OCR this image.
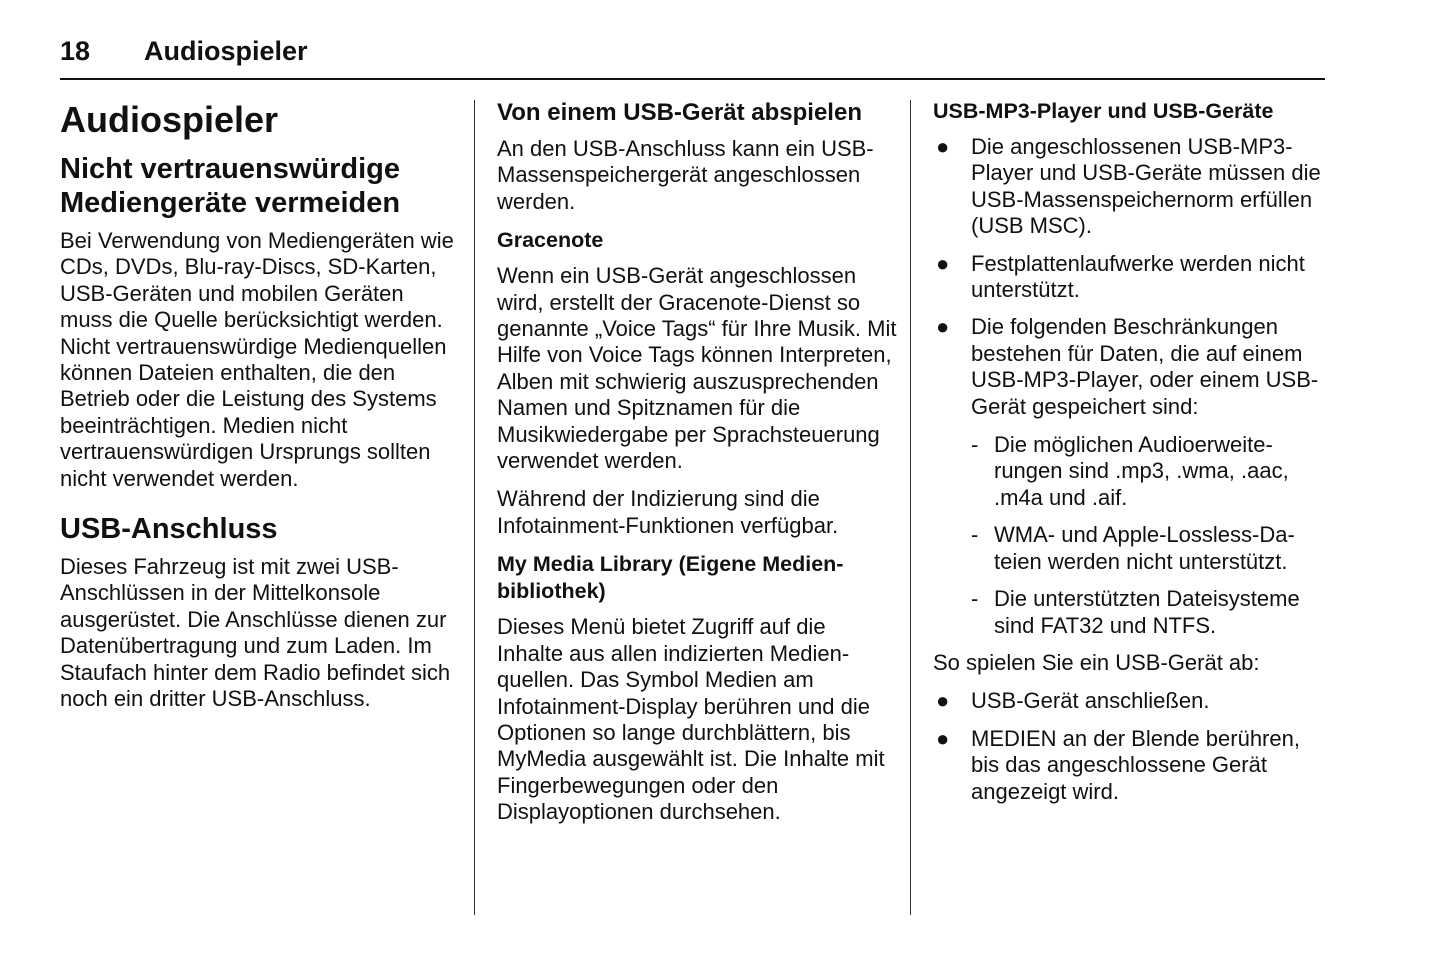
18 Audiospieler
Audiospieler
Nicht vertrauenswürdige Mediengeräte vermeiden

Bei Verwendung von Mediengeräten wie CDs, DVDs, Blu-ray-Discs, SD-Karten, USB-Geräten und mobilen Geräten muss die Quelle berücksichtigt werden. Nicht vertrauenswürdige Medienquellen können Dateien enthalten, die den Betrieb oder die Leistung des Systems beeinträchtigen. Medien nicht vertrauenswürdigen Ursprungs sollten nicht verwendet werden.

USB-Anschluss

Dieses Fahrzeug ist mit zwei USB-Anschlüssen in der Mittelkonsole ausgerüstet. Die Anschlüsse dienen zur Datenübertragung und zum Laden. Im Staufach hinter dem Radio befindet sich noch ein dritter USB-Anschluss.

Von einem USB-Gerät abspielen

An den USB-Anschluss kann ein USB-Massenspeichergerät angeschlossen werden.

Gracenote

Wenn ein USB-Gerät angeschlossen wird, erstellt der Gracenote-Dienst so genannte „Voice Tags“ für Ihre Musik. Mit Hilfe von Voice Tags können Interpreten, Alben mit schwierig auszusprechenden Namen und Spitznamen für die Musikwiedergabe per Sprachsteuerung verwendet werden.

Während der Indizierung sind die Infotainment-Funktionen verfügbar.

My Media Library (Eigene Medienbibliothek)

Dieses Menü bietet Zugriff auf die Inhalte aus allen indizierten Medienquellen. Das Symbol Medien am Infotainment-Display berühren und die Optionen so lange durchblättern, bis MyMedia ausgewählt ist. Die Inhalte mit Fingerbewegungen oder den Displayoptionen durchsehen.

USB-MP3-Player und USB-Geräte
● Die angeschlossenen USB-MP3-Player und USB-Geräte müssen die USB-Massenspeichernorm erfüllen (USB MSC).
● Festplattenlaufwerke werden nicht unterstützt.
● Die folgenden Beschränkungen bestehen für Daten, die auf einem USB-MP3-Player, oder einem USB-Gerät gespeichert sind:
- Die möglichen Audioerweiterungen sind .mp3, .wma, .aac, .m4a und .aif.
- WMA- und Apple-Lossless-Dateien werden nicht unterstützt.
- Die unterstützten Dateisysteme sind FAT32 und NTFS.

So spielen Sie ein USB-Gerät ab:

● USB-Gerät anschließen.
● MEDIEN an der Blende berühren, bis das angeschlossene Gerät angezeigt wird.
